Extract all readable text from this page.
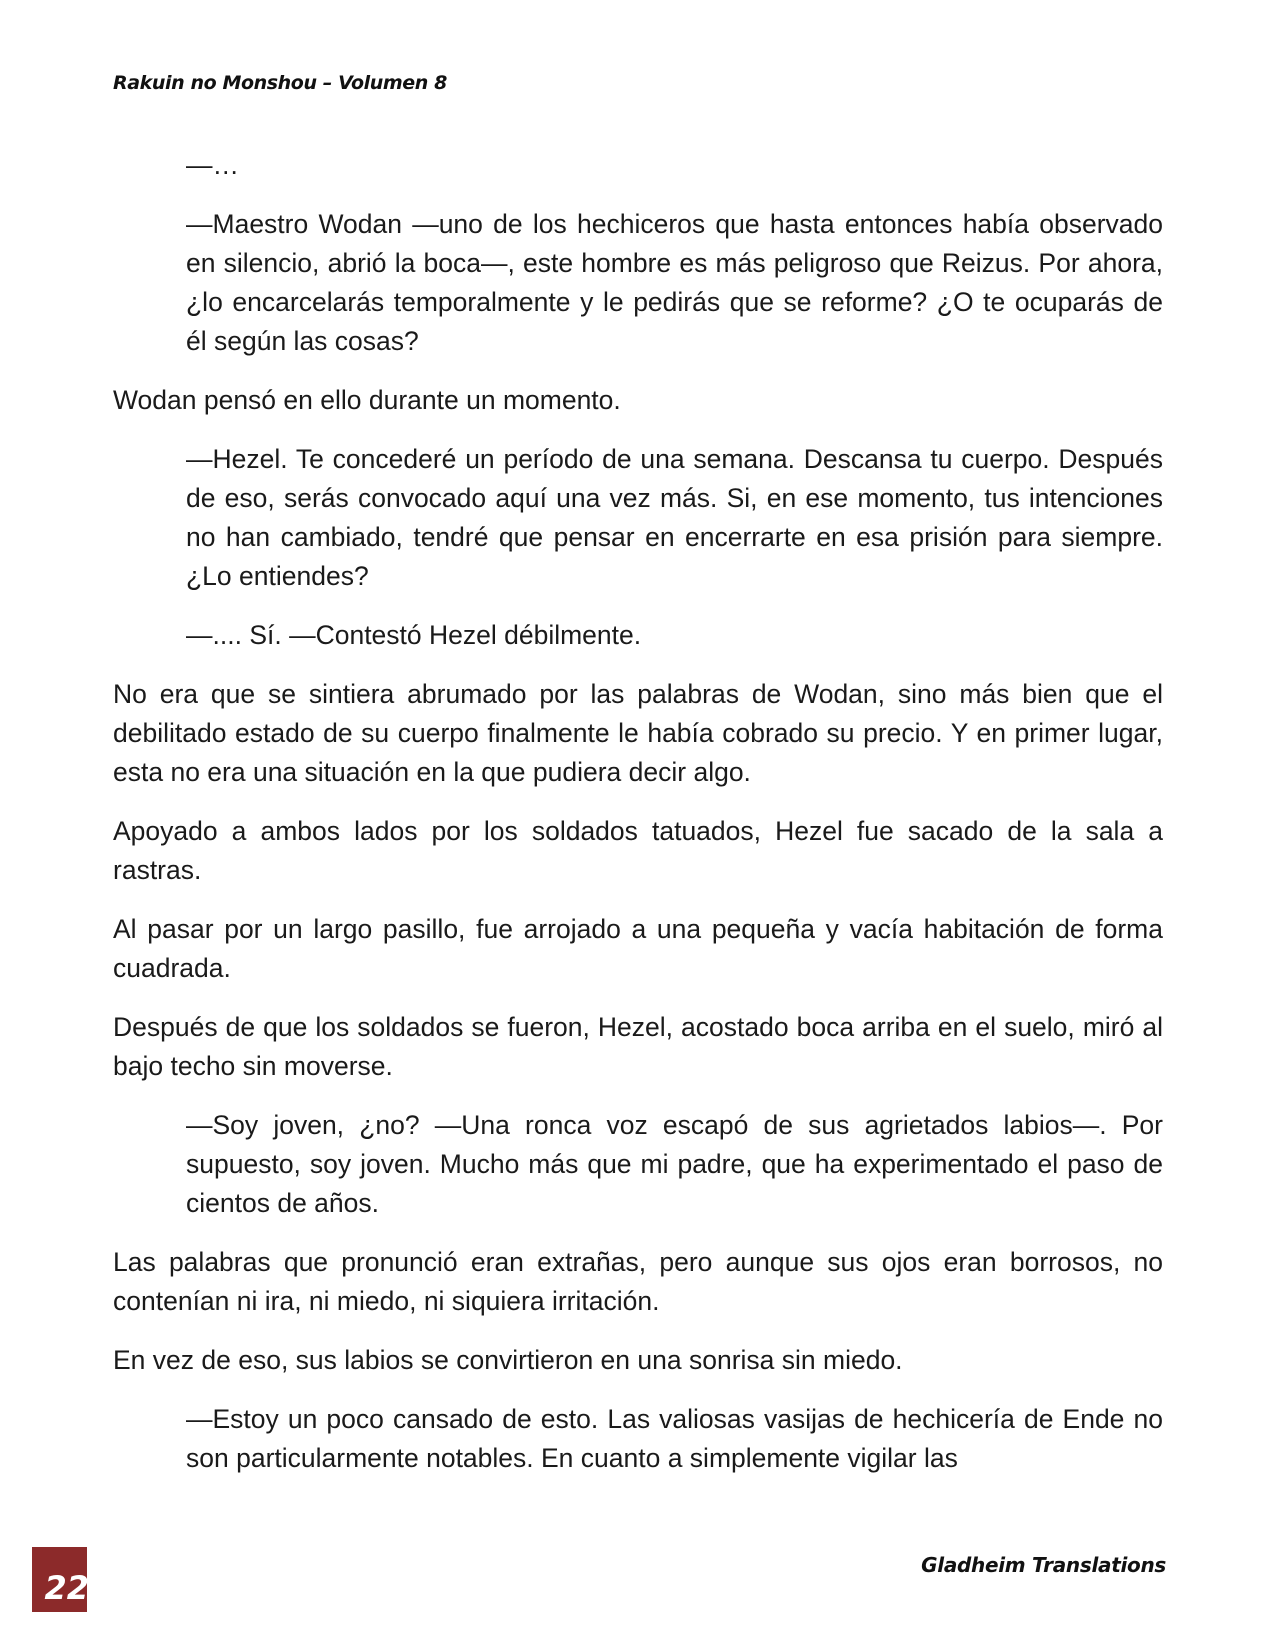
Rakuin no Monshou – Volumen 8

—…

—Maestro Wodan —uno de los hechiceros que hasta entonces había observado en silencio, abrió la boca—, este hombre es más peligroso que Reizus. Por ahora, ¿lo encarcelarás temporalmente y le pedirás que se reforme? ¿O te ocuparás de él según las cosas?

Wodan pensó en ello durante un momento.

—Hezel. Te concederé un período de una semana. Descansa tu cuerpo. Después de eso, serás convocado aquí una vez más. Si, en ese momento, tus intenciones no han cambiado, tendré que pensar en encerrarte en esa prisión para siempre. ¿Lo entiendes?

—.... Sí. —Contestó Hezel débilmente.

No era que se sintiera abrumado por las palabras de Wodan, sino más bien que el debilitado estado de su cuerpo finalmente le había cobrado su precio. Y en primer lugar, esta no era una situación en la que pudiera decir algo.

Apoyado a ambos lados por los soldados tatuados, Hezel fue sacado de la sala a rastras.

Al pasar por un largo pasillo, fue arrojado a una pequeña y vacía habitación de forma cuadrada.

Después de que los soldados se fueron, Hezel, acostado boca arriba en el suelo, miró al bajo techo sin moverse.

—Soy joven, ¿no? —Una ronca voz escapó de sus agrietados labios—. Por supuesto, soy joven. Mucho más que mi padre, que ha experimentado el paso de cientos de años.

Las palabras que pronunció eran extrañas, pero aunque sus ojos eran borrosos, no contenían ni ira, ni miedo, ni siquiera irritación.

En vez de eso, sus labios se convirtieron en una sonrisa sin miedo.

—Estoy un poco cansado de esto. Las valiosas vasijas de hechicería de Ende no son particularmente notables. En cuanto a simplemente vigilar las

22
Gladheim Translations
